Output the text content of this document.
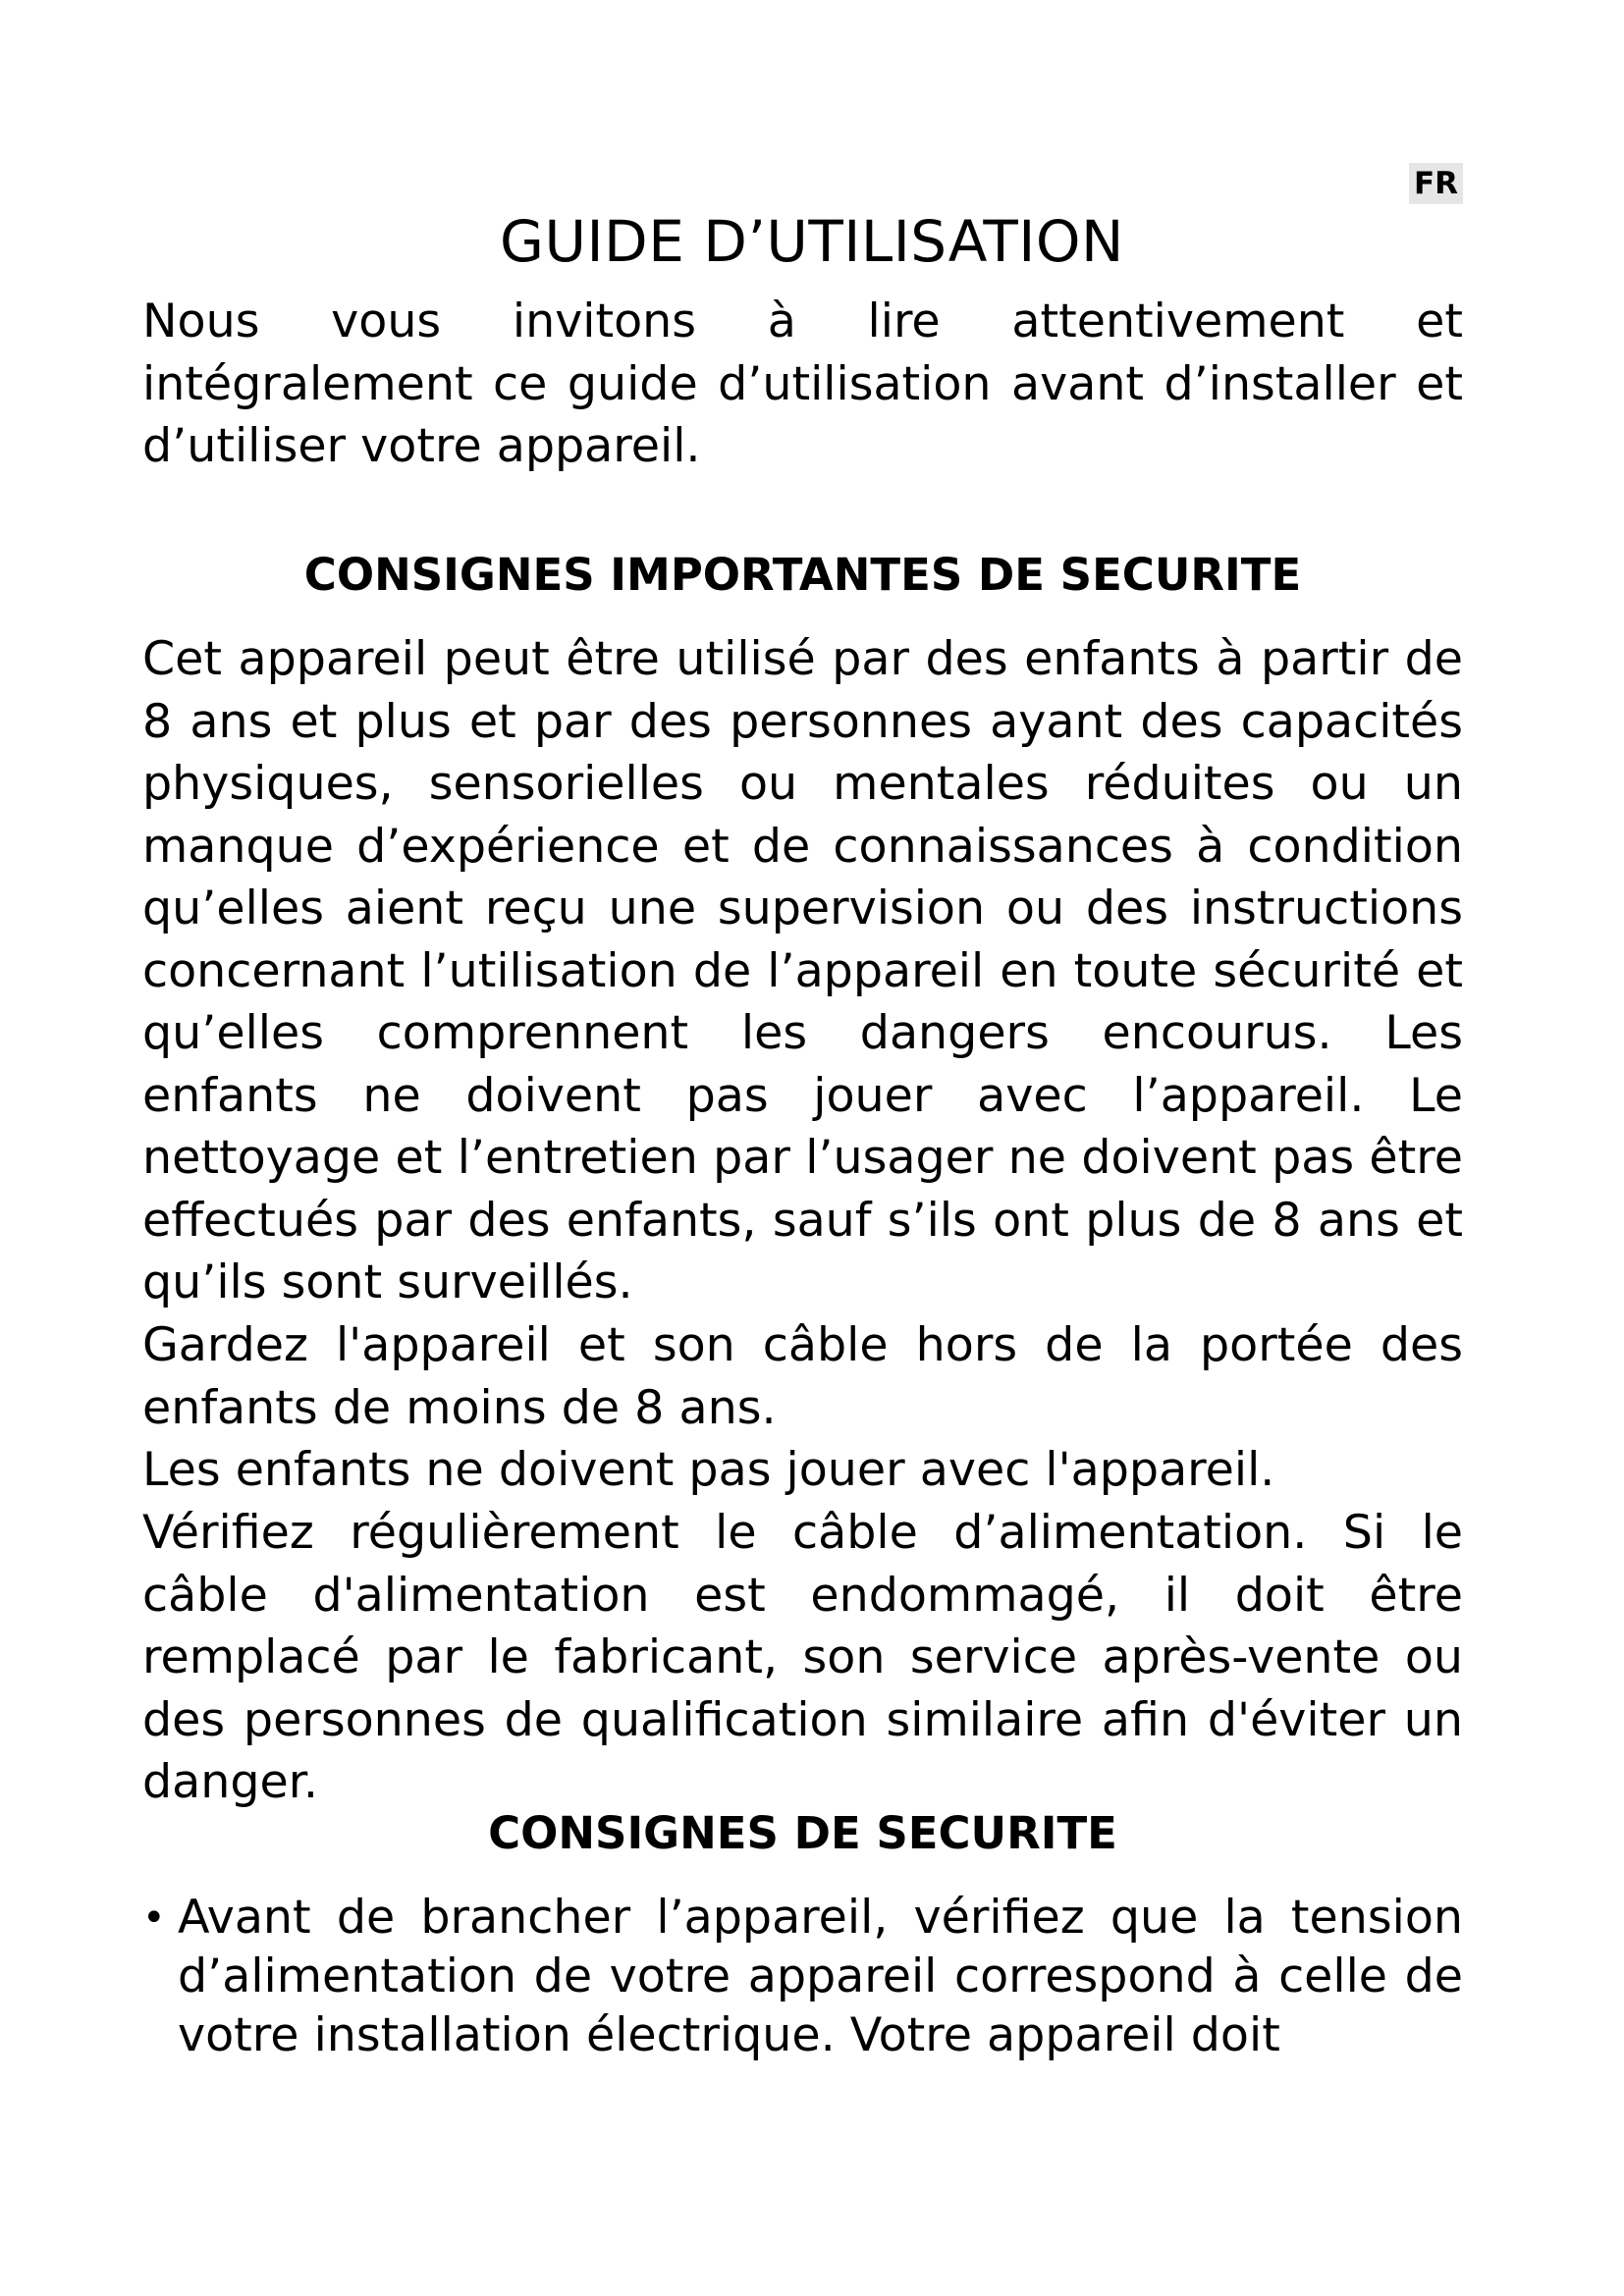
FR
GUIDE D’UTILISATION

Nous vous invitons à lire attentivement et intégralement ce guide d’utilisation avant d’installer et d’utiliser votre appareil.

CONSIGNES IMPORTANTES DE SECURITE

Cet appareil peut être utilisé par des enfants à partir de 8 ans et plus et par des personnes ayant des capacités physiques, sensorielles ou mentales réduites ou un manque d’expérience et de connaissances à condition qu’elles aient reçu une supervision ou des instructions concernant l’utilisation de l’appareil en toute sécurité et qu’elles comprennent les dangers encourus. Les enfants ne doivent pas jouer avec l’appareil. Le nettoyage et l’entretien par l’usager ne doivent pas être effectués par des enfants, sauf s’ils ont plus de 8 ans et qu’ils sont surveillés.

Gardez l'appareil et son câble hors de la portée des enfants de moins de 8 ans.

Les enfants ne doivent pas jouer avec l'appareil.

Vérifiez régulièrement le câble d’alimentation. Si le câble d'alimentation est endommagé, il doit être remplacé par le fabricant, son service après-vente ou des personnes de qualification similaire afin d'éviter un danger.

CONSIGNES DE SECURITE
• Avant de brancher l’appareil, vérifiez que la tension d’alimentation de votre appareil correspond à celle de votre installation électrique. Votre appareil doit
